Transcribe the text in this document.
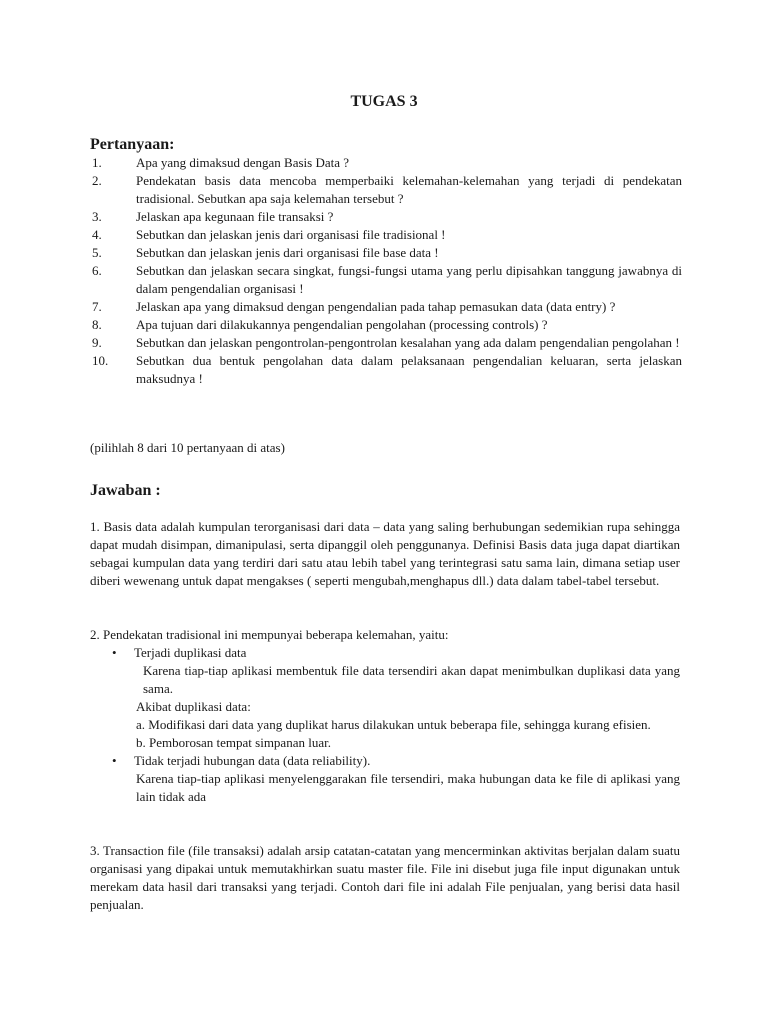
TUGAS 3
Pertanyaan:
1.	Apa yang dimaksud dengan Basis Data ?
2.	Pendekatan basis data mencoba memperbaiki kelemahan-kelemahan yang terjadi di pendekatan tradisional. Sebutkan apa saja kelemahan tersebut ?
3.	Jelaskan apa kegunaan file transaksi ?
4.	Sebutkan dan jelaskan jenis dari organisasi file tradisional !
5.	Sebutkan dan jelaskan jenis dari organisasi file base data !
6.	Sebutkan dan jelaskan secara singkat, fungsi-fungsi utama yang perlu dipisahkan tanggung jawabnya di dalam pengendalian organisasi !
7.	Jelaskan apa yang dimaksud dengan pengendalian pada tahap pemasukan data (data entry) ?
8.	Apa tujuan dari dilakukannya pengendalian pengolahan (processing controls) ?
9.	Sebutkan dan jelaskan pengontrolan-pengontrolan kesalahan yang ada dalam pengendalian pengolahan !
10.	Sebutkan dua bentuk pengolahan data dalam pelaksanaan pengendalian keluaran, serta jelaskan maksudnya !
(pilihlah 8 dari 10 pertanyaan di atas)
Jawaban :
1. Basis data adalah kumpulan terorganisasi dari data – data yang saling berhubungan sedemikian rupa sehingga dapat mudah disimpan, dimanipulasi, serta dipanggil oleh penggunanya. Definisi Basis data juga dapat diartikan sebagai kumpulan data yang terdiri dari satu atau lebih tabel yang terintegrasi satu sama lain, dimana setiap user diberi wewenang untuk dapat mengakses ( seperti mengubah,menghapus dll.) data dalam tabel-tabel tersebut.
2. Pendekatan tradisional ini mempunyai beberapa kelemahan, yaitu:
•	Terjadi duplikasi data
Karena tiap-tiap aplikasi membentuk file data tersendiri akan dapat menimbulkan duplikasi data yang sama.
Akibat duplikasi data:
a. Modifikasi dari data yang duplikat harus dilakukan untuk beberapa file, sehingga kurang efisien.
b. Pemborosan tempat simpanan luar.
•	Tidak terjadi hubungan data (data reliability).
Karena tiap-tiap aplikasi menyelenggarakan file tersendiri, maka hubungan data ke file di aplikasi yang lain tidak ada
3. Transaction file (file transaksi) adalah arsip catatan-catatan yang mencerminkan aktivitas berjalan dalam suatu organisasi yang dipakai untuk memutakhirkan suatu master file. File ini disebut juga file input digunakan untuk merekam data hasil dari transaksi yang terjadi. Contoh dari file ini adalah File penjualan, yang berisi data hasil penjualan.
